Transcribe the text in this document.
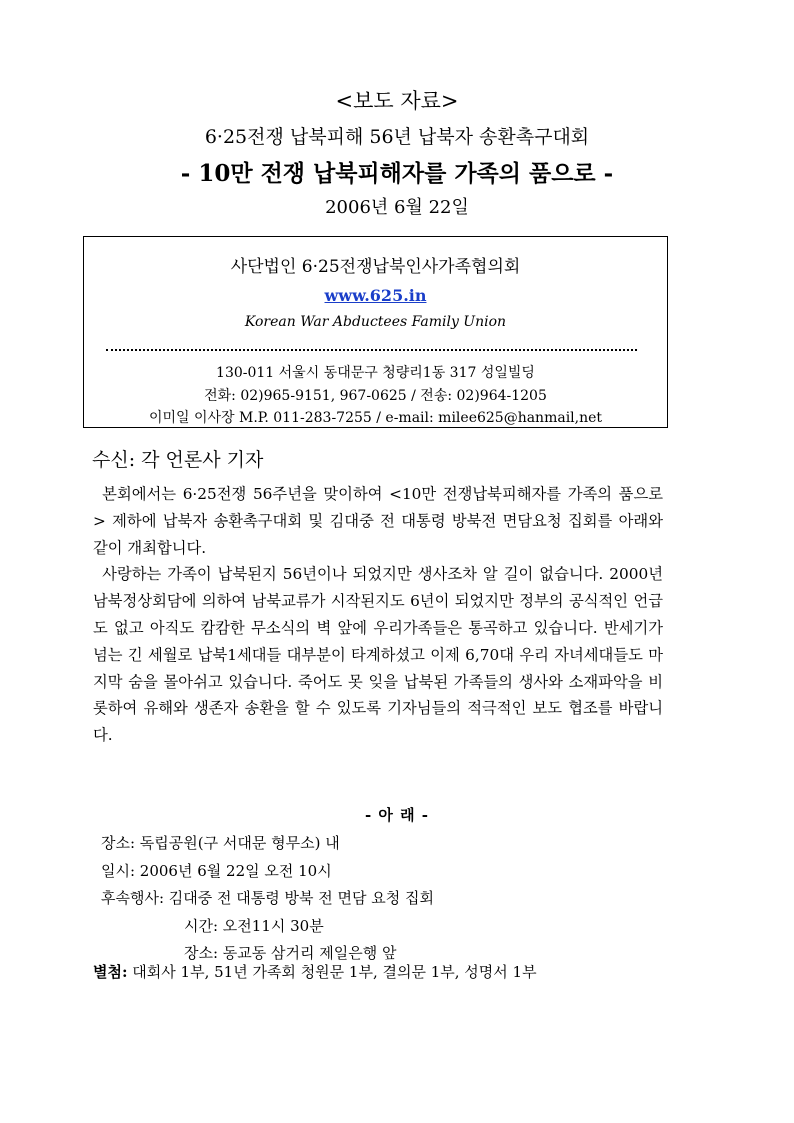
<보도 자료>

6·25전쟁 납북피해 56년 납북자 송환촉구대회

- 10만 전쟁 납북피해자를 가족의 품으로 -

2006년 6월 22일

사단법인 6·25전쟁납북인사가족협의회
www.625.in
Korean War Abductees Family Union
130-011 서울시 동대문구 청량리1동 317 성일빌딩
전화: 02)965-9151, 967-0625 / 전송: 02)964-1205
이미일 이사장 M.P. 011-283-7255 / e-mail: milee625@hanmail,net
수신: 각 언론사 기자

본회에서는 6·25전쟁 56주년을 맞이하여 <10만 전쟁납북피해자를 가족의 품으로> 제하에 납북자 송환촉구대회 및 김대중 전 대통령 방북전 면담요청 집회를 아래와 같이 개최합니다.

사랑하는 가족이 납북된지 56년이나 되었지만 생사조차 알 길이 없습니다. 2000년 남북정상회담에 의하여 남북교류가 시작된지도 6년이 되었지만 정부의 공식적인 언급도 없고 아직도 캄캄한 무소식의 벽 앞에 우리가족들은 통곡하고 있습니다. 반세기가 넘는 긴 세월로 납북1세대들 대부분이 타계하셨고 이제 6,70대 우리 자녀세대들도 마지막 숨을 몰아쉬고 있습니다. 죽어도 못 잊을 납북된 가족들의 생사와 소재파악을 비롯하여 유해와 생존자 송환을 할 수 있도록 기자님들의 적극적인 보도 협조를 바랍니다.

- 아 래 -
장소: 독립공원(구 서대문 형무소) 내
일시: 2006년 6월 22일 오전 10시
후속행사: 김대중 전 대통령 방북 전 면담 요청 집회
시간: 오전11시 30분
장소: 동교동 삼거리 제일은행 앞
별첨: 대회사 1부, 51년 가족회 청원문 1부, 결의문 1부, 성명서 1부
